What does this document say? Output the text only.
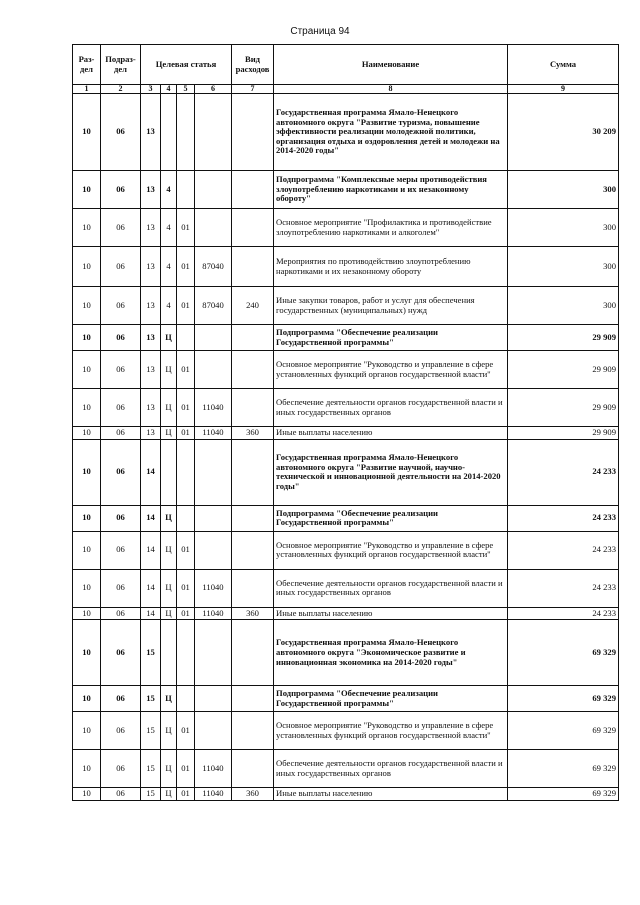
Страница 94
Раз-дел	Подраз-дел	Целевая статья				Вид расходов	Наименование	Сумма
1	2	3	4	5	6	7	8	9
10	06	13					Государственная программа Ямало-Ненецкого автономного округа "Развитие туризма, повышение эффективности реализации молодежной политики, организация отдыха и оздоровления детей и молодежи на 2014-2020 годы"	30 209
10	06	13	4				Подпрограмма "Комплексные меры противодействия злоупотреблению наркотиками и их незаконному обороту"	300
10	06	13	4	01			Основное мероприятие "Профилактика и противодействие злоупотреблению наркотиками и алкоголем"	300
10	06	13	4	01	87040		Мероприятия по противодействию злоупотреблению наркотиками и их незаконному обороту	300
10	06	13	4	01	87040	240	Иные закупки товаров, работ и услуг для обеспечения государственных (муниципальных) нужд	300
10	06	13	Ц				Подпрограмма "Обеспечение реализации Государственной программы"	29 909
10	06	13	Ц	01			Основное мероприятие "Руководство и управление в сфере установленных функций органов государственной власти"	29 909
10	06	13	Ц	01	11040		Обеспечение деятельности органов государственной власти и иных государственных органов	29 909
10	06	13	Ц	01	11040	360	Иные выплаты населению	29 909
10	06	14					Государственная программа Ямало-Ненецкого автономного округа "Развитие научной, научно-технической и инновационной деятельности на 2014-2020 годы"	24 233
10	06	14	Ц				Подпрограмма "Обеспечение реализации Государственной программы"	24 233
10	06	14	Ц	01			Основное мероприятие "Руководство и управление в сфере установленных функций органов государственной власти"	24 233
10	06	14	Ц	01	11040		Обеспечение деятельности органов государственной власти и иных государственных органов	24 233
10	06	14	Ц	01	11040	360	Иные выплаты населению	24 233
10	06	15					Государственная программа Ямало-Ненецкого автономного округа "Экономическое развитие и инновационная экономика на 2014-2020 годы"	69 329
10	06	15	Ц				Подпрограмма "Обеспечение реализации Государственной программы"	69 329
10	06	15	Ц	01			Основное мероприятие "Руководство и управление в сфере установленных функций органов государственной власти"	69 329
10	06	15	Ц	01	11040		Обеспечение деятельности органов государственной власти и иных государственных органов	69 329
10	06	15	Ц	01	11040	360	Иные выплаты населению	69 329
